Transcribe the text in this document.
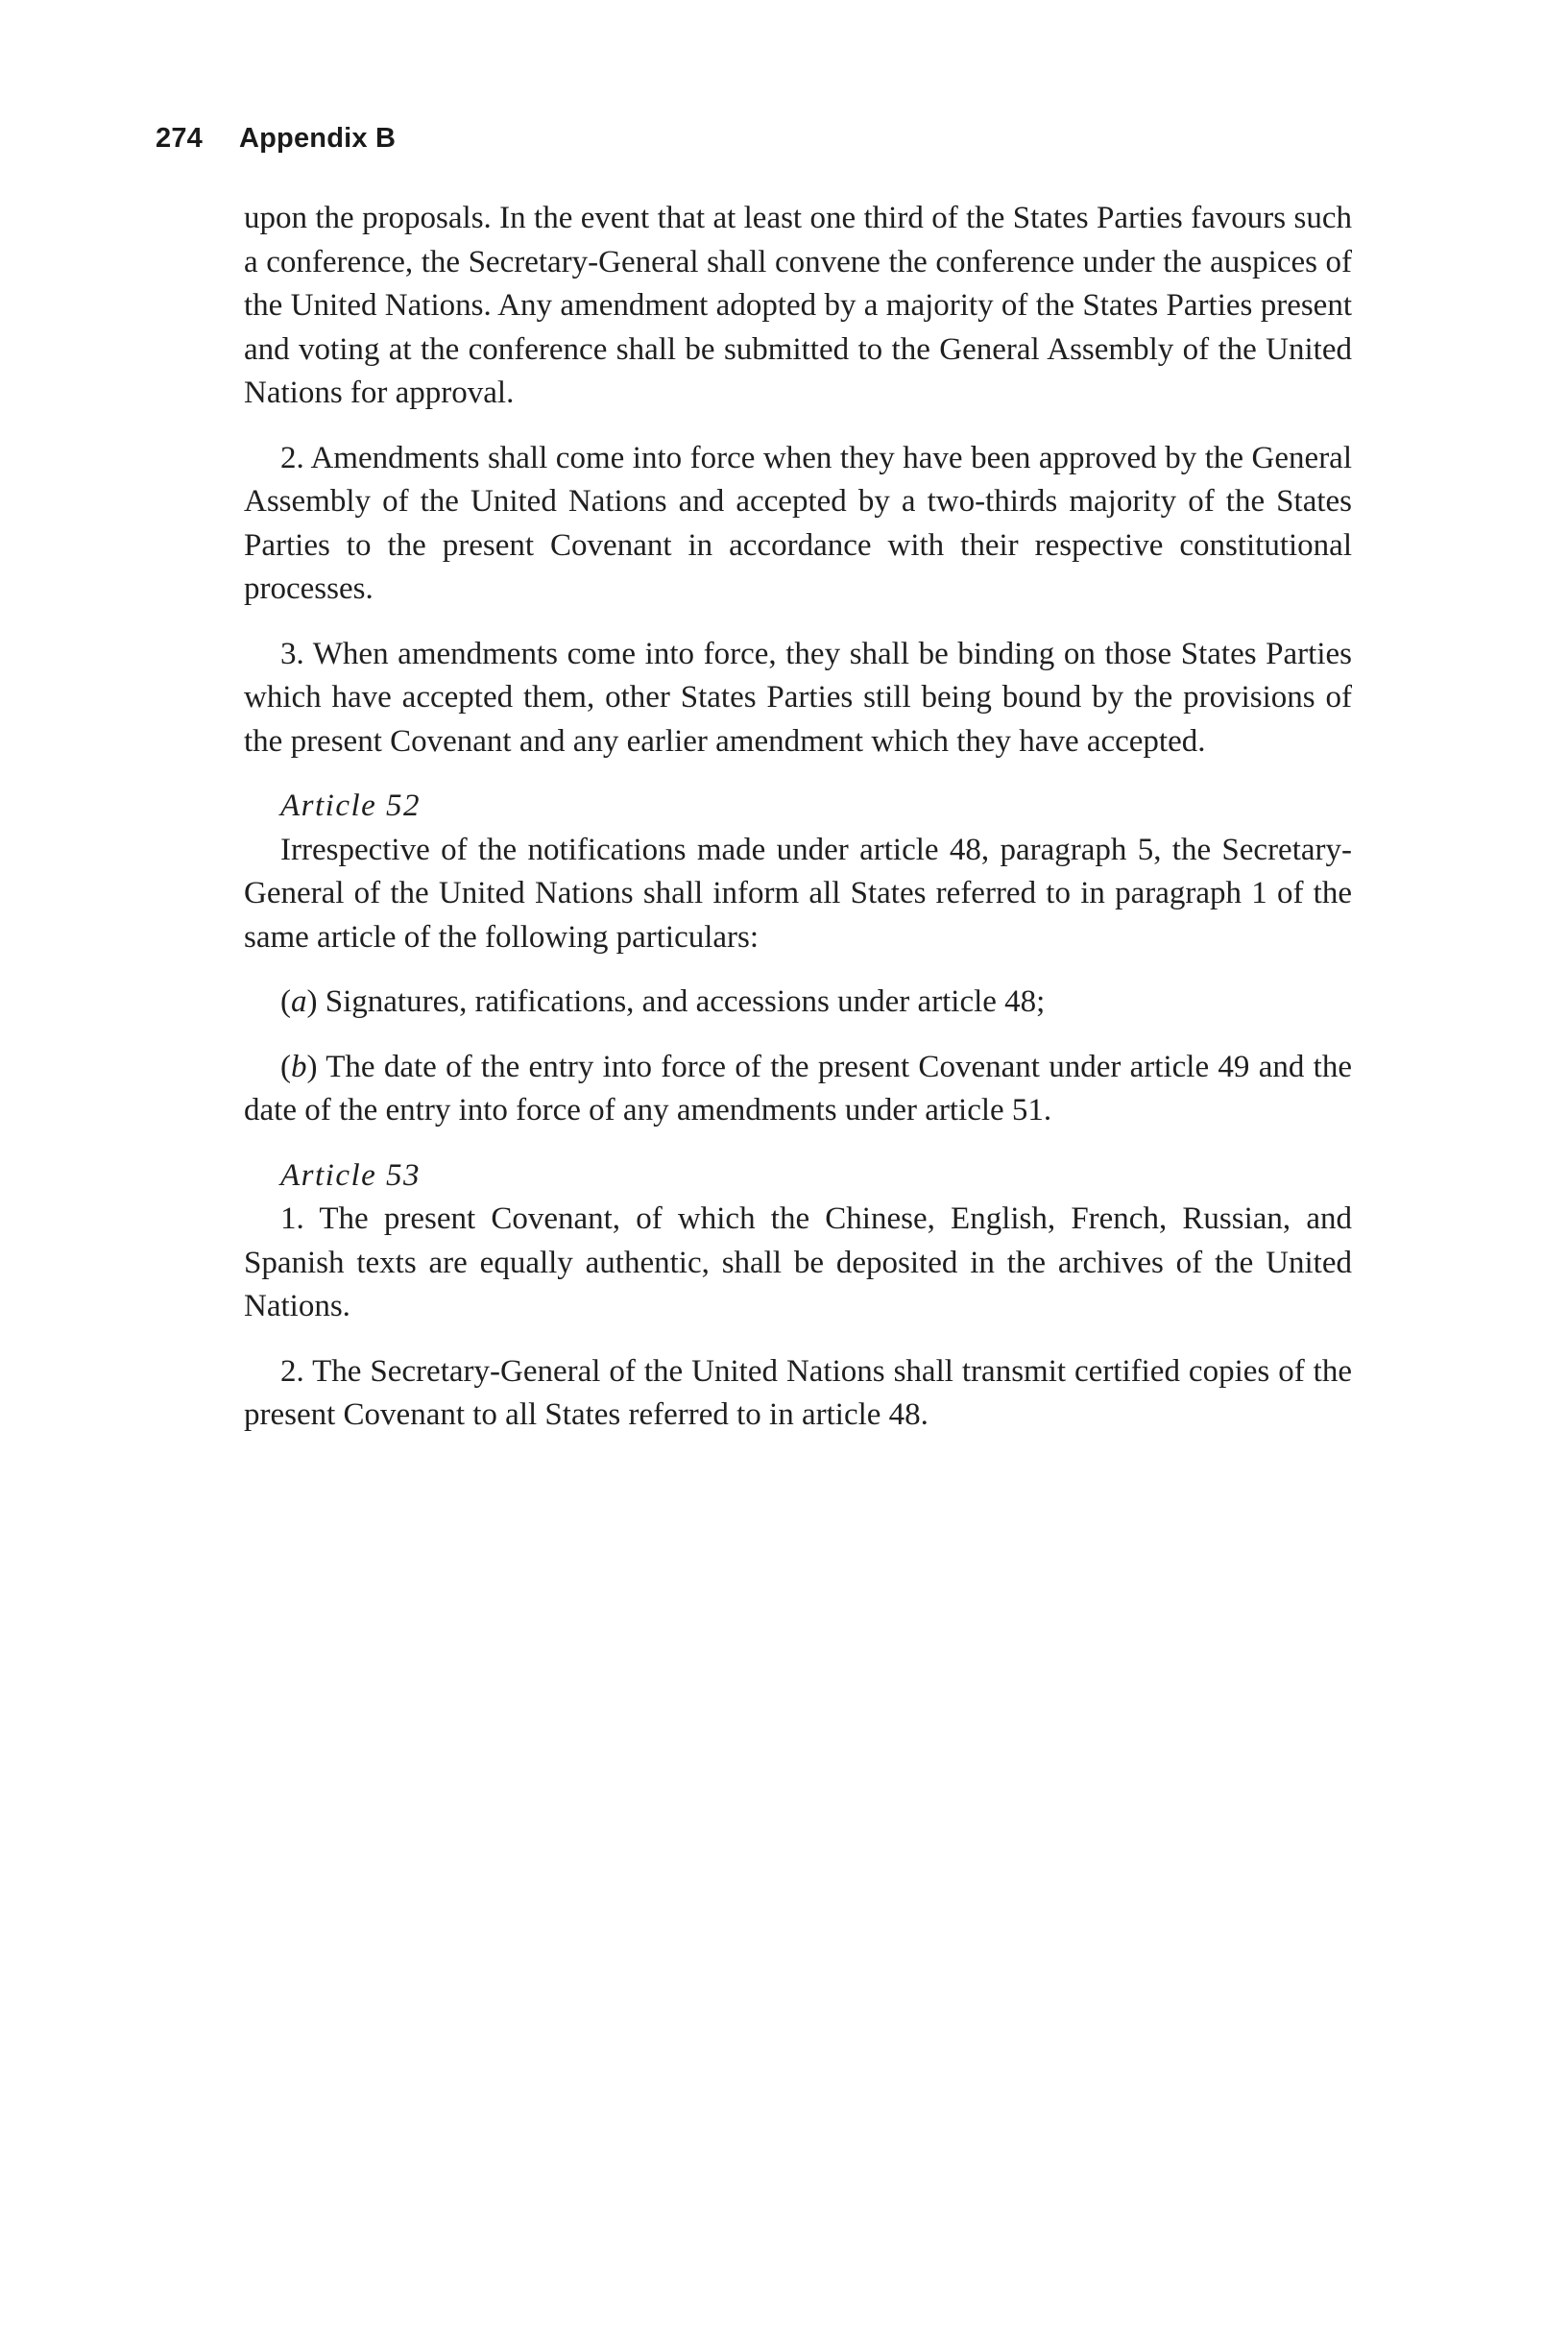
274 Appendix B

upon the proposals. In the event that at least one third of the States Parties favours such a conference, the Secretary-General shall convene the conference under the auspices of the United Nations. Any amendment adopted by a majority of the States Parties present and voting at the conference shall be submitted to the General Assembly of the United Nations for approval.

2. Amendments shall come into force when they have been approved by the General Assembly of the United Nations and accepted by a two-thirds majority of the States Parties to the present Covenant in accordance with their respective constitutional processes.

3. When amendments come into force, they shall be binding on those States Parties which have accepted them, other States Parties still being bound by the provisions of the present Covenant and any earlier amendment which they have accepted.

Article 52

Irrespective of the notifications made under article 48, paragraph 5, the Secretary-General of the United Nations shall inform all States referred to in paragraph 1 of the same article of the following particulars:

(a) Signatures, ratifications, and accessions under article 48;

(b) The date of the entry into force of the present Covenant under article 49 and the date of the entry into force of any amendments under article 51.

Article 53

1. The present Covenant, of which the Chinese, English, French, Russian, and Spanish texts are equally authentic, shall be deposited in the archives of the United Nations.

2. The Secretary-General of the United Nations shall transmit certified copies of the present Covenant to all States referred to in article 48.
